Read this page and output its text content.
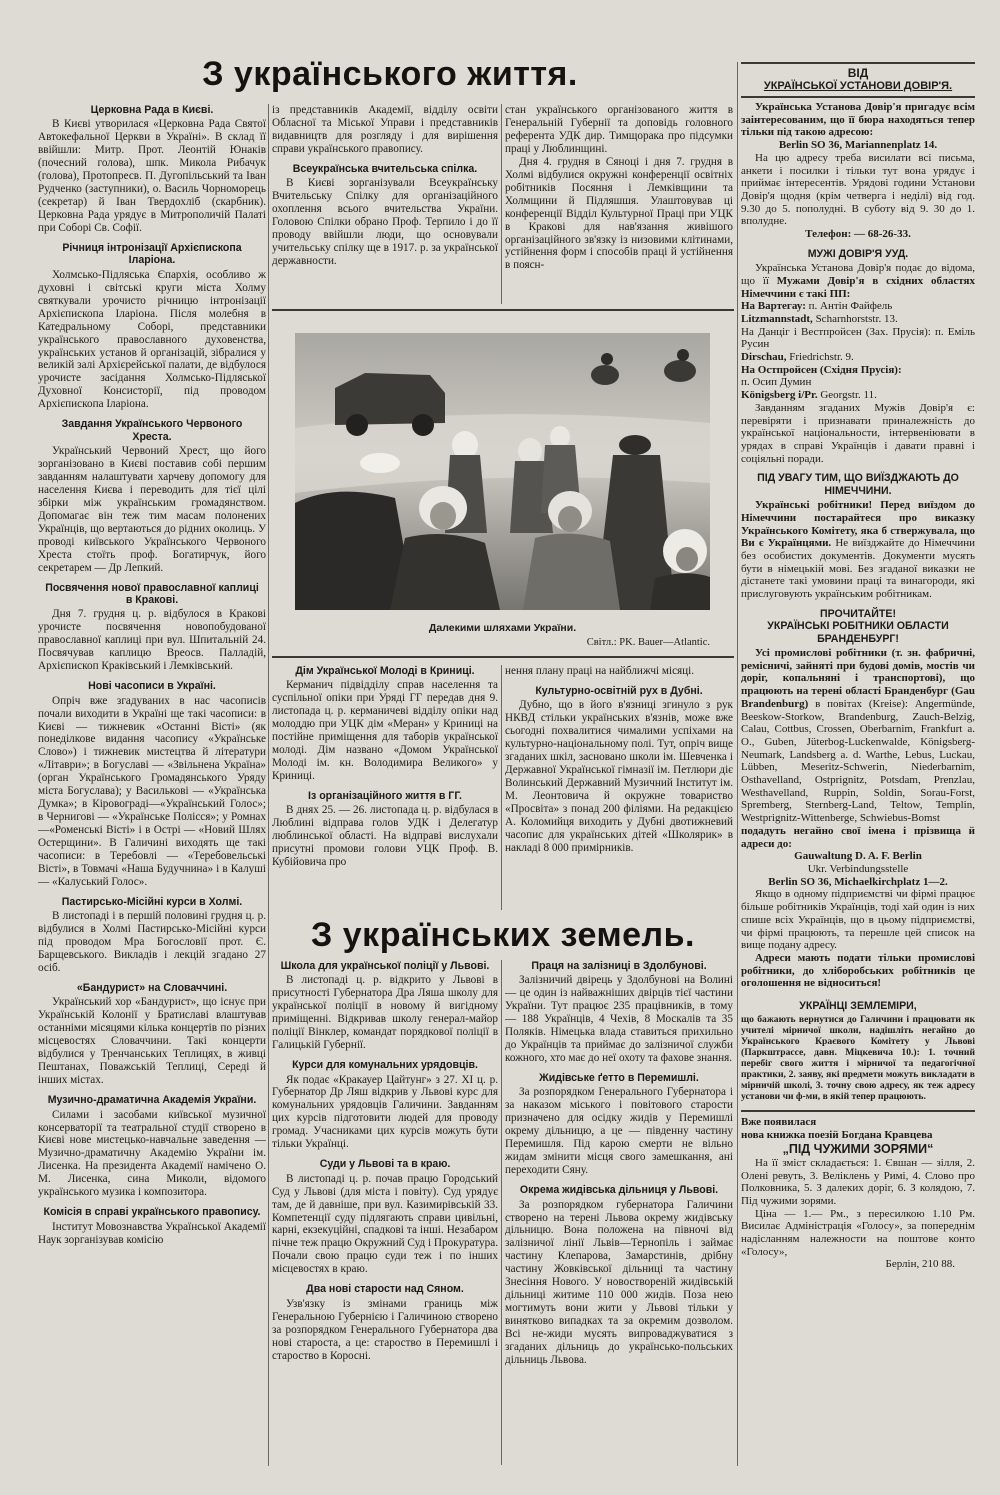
З українського життя.
Церковна Рада в Києві.

В Києві утворилася «Церковна Рада Святої Автокефальної Церкви в Україні». В склад її ввійшли: Митр. Прот. Леонтій Юнаків (почесний голова), шпк. Микола Рибачук (голова), Протопресв. П. Дугопільський та Іван Рудченко (заступники), о. Василь Чорноморець (секретар) й Іван Твердохліб (скарбник). Церковна Рада урядує в Митрополичій Палаті при Соборі Св. Софії.

Річниця інтронізації Архієпископа Іларіона.

Холмсько-Підляська Єпархія, особливо ж духовні і світські круги міста Холму святкували урочисто річницю інтронізації Архієпископа Іларіона. Після молебня в Катедральному Соборі, представники українського православного духовенства, українських установ й організацій, зібралися у великій залі Архієрейської палати, де відбулося урочисте засідання Холмсько-Підляської Духовної Консисторії, під проводом Архієпископа Іларіона.

Завдання Українського Червоного Хреста.

Український Червоний Хрест, що його зорганізовано в Києві поставив собі першим завданням налаштувати харчеву допомогу для населення Києва і переводить для тієї цілі збірки між українським громадянством. Допомагає він теж тим масам полонених Українців, що вертаються до рідних околиць. У проводі київського Українського Червоного Хреста стоїть проф. Богатирчук, його секретарем — Др Лепкий.

Посвячення нової православної каплиці в Кракові.

Дня 7. грудня ц. р. відбулося в Кракові урочисте посвячення новопобудованої православної каплиці при вул. Шпитальній 24. Посвячував каплицю Вреосв. Палладій, Архієпископ Краківський і Лемківський.

Нові часописи в Україні.

Опріч вже згадуваних в нас часописів почали виходити в Україні ще такі часописи: в Києві — тижневик «Останні Вісті» (як понеділкове видання часопису «Українське Слово») і тижневик мистецтва й літератури «Літаври»; в Богуславі — «Звільнена Україна» (орган Українського Громадянського Уряду міста Богуслава); у Василькові — «Українська Думка»; в Кіровограді—«Український Голос»; в Чернигові — «Українське Полісся»; у Ромнах—«Роменські Вісті» і в Острі — «Новий Шлях Остерщини». В Галичині виходять ще такі часописи: в Теребовлі — «Теребовельські Вісті», в Товмачі «Наша Будучнина» і в Калуші — «Калуський Голос».

Пастирсько-Місійні курси в Холмі.

В листопаді і в першій половині грудня ц. р. відбулися в Холмі Пастирсько-Місійні курси під проводом Мра Богословії прот. Є. Барщевського. Викладів і лекцій згадано 27 осіб.

«Бандурист» на Словаччині.

Український хор «Бандурист», що існує при Українській Колонії у Братиславі влаштував останніми місяцями кілька концертів по різних місцевостях Словаччини. Такі концерти відбулися у Тренчанських Теплицях, в живці Пештанах, Поважській Теплиці, Середі й інших містах.

Музично-драматична Академія України.

Силами і засобами київської музичної консерваторії та театральної студії створено в Києві нове мистецько-навчальне заведення — Музично-драматичну Академію України ім. Лисенка. На президента Академії намічено О. М. Лисенка, сина Миколи, відомого українського музика і композитора.

Комісія в справі українського правопису.

Інститут Мовознавства Української Академії Наук зорганізував комісію

із представників Академії, відділу освіти Обласної та Міської Управи і представників видавництв для розгляду і для вирішення справи українського правопису.

Всеукраїнська вчительська спілка.

В Києві зорганізували Всеукраїнську Вчительську Спілку для організаційного охоплення всього вчительства України. Головою Спілки обрано Проф. Терпило і до її проводу ввійшли люди, що основували учительську спілку ще в 1917. р. за української державности.

стан українського організованого життя в Генеральній Губернії та доповідь головного референта УДК дир. Тимщорака про підсумки праці у Люблинщині.

Дня 4. грудня в Сяноці і дня 7. грудня в Холмі відбулися окружні конференції освітніх робітників Посяння і Лемківщини та Холмщини й Підляшшя. Улаштовував ці конференції Відділ Культурної Праці при УЦК в Кракові для нав'язання живішого організаційного зв'язку із низовими клітинами, устійнення форм і способів праці й устійнення в поясн-

Далекими шляхами України.
Світл.: PK. Bauer—Atlantic.
Дім Української Молоді в Криниці.

Керманич підвідділу справ населення та суспільної опіки при Уряді ГГ передав дня 9. листопада ц. р. керманичеві відділу опіки над молоддю при УЦК дім «Меран» у Криниці на постійне приміщення для таборів української молоді. Дім названо «Домом Української Молоді ім. кн. Володимира Великого» у Криниці.

Із організаційного життя в ГГ.

В днях 25. — 26. листопада ц. р. відбулася в Люблині відправа голов УДК і Делегатур люблинської області. На відправі вислухали присутні промови голови УЦК Проф. В. Кубійовича про

нення плану праці на найближчі місяці.

Культурно-освітній рух в Дубні.

Дубно, що в його в'язниці згинуло з рук НКВД стільки українських в'язнів, може вже сьогодні похвалитися чималими успіхами на культурно-національному полі. Тут, опріч вище згаданих шкіл, засновано школи ім. Шевченка і Державної Української гімназії ім. Петлюри діє Волинський Державний Музичний Інститут ім. М. Леонтовича й окружне товариство «Просвіта» з понад 200 філіями. На редакцією А. Коломийця виходить у Дубні двотижневий часопис для українських дітей «Школярик» в накладі 8 000 примірників.

З українських земель.
Школа для української поліції у Львові.

В листопаді ц. р. відкрито у Львові в присутності Губернатора Дра Ляша школу для української поліції в новому й вигідному приміщенні. Відкривав школу генерал-майор поліції Вінклер, командат порядкової поліції в Галицькій Губернії.

Курси для комунальних урядовців.

Як подає «Кракауер Цайтунг» з 27. XI ц. р. Губернатор Др Ляш відкрив у Львові курс для комунальних урядовців Галичини. Завданням цих курсів підготовити людей для проводу громад. Учасниками цих курсів можуть бути тільки Українці.

Суди у Львові та в краю.

В листопаді ц. р. почав працю Городський Суд у Львові (для міста і повіту). Суд урядує там, де й давніше, при вул. Казимирівській 33. Компетенції суду підлягають справи цивільні, карні, екзекуційні, спадкові та інші. Незабаром пічне теж працю Окружний Суд і Прокуратура. Почали свою працю суди теж і по інших місцевостях в краю.

Два нові старости над Сяном.

Узв'язку із змінами границь між Генеральною Губернією і Галичиною створено за розпорядком Генерального Губернатора два нові староста, а це: староство в Перемишлі і староство в Коросні.

Праця на залізниці в Здолбунові.

Залізничий двірець у Здолбунові на Волині — це один із найважніших двірців тієї частини України. Тут працює 235 працівників, в тому — 188 Українців, 4 Чехів, 8 Москалів та 35 Поляків. Німецька влада ставиться прихильно до Українців та приймає до залізничої служби кожного, хто має до неї охоту та фахове знання.

Жидівське ґетто в Перемишлі.

За розпорядком Генерального Губернатора і за наказом міського і повітового старости призначено для осідку жидів у Перемишлі окрему дільницю, а це — південну частину Перемишля. Під карою смерти не вільно жидам змінити місця свого замешкання, ані переходити Сяну.

Окрема жидівська дільниця у Львові.

За розпорядком губернатора Галичини створено на терені Львова окрему жидівську дільницю. Вона положена на півночі від залізничої лінії Львів—Тернопіль і займає частину Клепарова, Замарстинів, дрібну частину Жовківської дільниці та частину Знесіння Нового. У новоствореній жидівській дільниці житиме 110 000 жидів. Поза нею могтимуть вони жити у Львові тільки у винятково випадках та за окремим дозволом. Всі не-жиди мусять випроваджуватися з згаданих дільниць до українсько-польських дільниць Львова.

ВІД
УКРАЇНСЬКОЇ УСТАНОВИ ДОВІР'Я.

Українська Установа Довір'я пригадує всім заінтересованим, що її бюра находяться тепер тільки під такою адресою:

Berlin SO 36, Mariannenplatz 14.

На цю адресу треба висилати всі письма, анкети і посилки і тільки тут вона урядує і приймає інтересентів. Урядові години Установи Довір'я щодня (крім четверга і неділі) від год. 9.30 до 5. пополудні. В суботу від 9. 30 до 1. вполудне.

Телефон: — 68-26-33.

МУЖІ ДОВІР'Я УУД.

Українська Установа Довір'я подає до відома, що її Мужами Довір'я в східних областях Німеччини є такі ПП:

На Вартегау: п. Антін Файфель

Litzmannstadt, Scharnhorststr. 13.

На Данціг і Вестпройсен (Зах. Прусія): п. Еміль Русин

Dirschau, Friedrichstr. 9.

На Остпройсен (Східня Прусія):

п. Осип Думин

Königsberg i/Pr. Georgstr. 11.

Завданням згаданих Мужів Довір'я є: перевіряти і признавати приналежність до української національности, інтервеніювати в урядах в справі Українців і давати правні і соціяльні поради.

ПІД УВАГУ ТИМ, ЩО ВИЇЗДЖАЮТЬ ДО НІМЕЧЧИНИ.

Українські робітники! Перед виїздом до Німеччини постарайтеся про виказку Українського Комітету, яка б ствержувала, що Ви є Українцями. Не виїзджайте до Німеччини без особистих документів. Документи мусять бути в німецькій мові. Без згаданої виказки не дістанете такі умовини праці та винагороди, які прислуговують українським робітникам.

ПРОЧИТАЙТЕ!
УКРАЇНСЬКІ РОБІТНИКИ ОБЛАСТИ БРАНДЕНБУРГ!

Усі промислові робітники (т. зн. фабричні, ремісничі, зайняті при будові домів, мостів чи доріг, копальняні і транспортові), що працюють на терені області Бранденбург (Gau Brandenburg) в повітах (Kreise): Angermünde, Beeskow-Storkow, Brandenburg, Zauch-Belzig, Calau, Cottbus, Crossen, Oberbarnim, Frankfurt a. O., Guben, Jüterbog-Luckenwalde, Königsberg-Neumark, Landsberg a. d. Warthe, Lebus, Luckau, Lübben, Meseritz-Schwerin, Niederbarnim, Osthavelland, Ostprignitz, Potsdam, Prenzlau, Westhavelland, Ruppin, Soldin, Sorau-Forst, Spremberg, Sternberg-Land, Teltow, Templin, Westprignitz-Wittenberge, Schwiebus-Bomst

подадуть негайно свої імена і прізвища й адреси до:

Gauwaltung D. A. F. Berlin

Ukr. Verbindungsstelle

Berlin SO 36, Michaelkirchplatz 1—2.

Якщо в одному підприємстві чи фірмі працює більше робітників Українців, тоді хай один із них спише всіх Українців, що в цьому підприємстві, чи фірмі працюють, та перешле цей список на вище подану адресу.

Адреси мають подати тільки промислові робітники, до хліборобських робітників це оголошення не відноситься!

УКРАЇНЦІ ЗЕМЛЕМІРИ,

що бажають вернутися до Галичини і працювати як учителі мірничої школи, надішліть негайно до Українського Краєвого Комітету у Львові (Паркштрассе, давн. Міцкевича 10.): 1. точний перебіг свого життя і мірничої та педагогічної практики, 2. заяву, які предмети можуть викладати в мірничій школі, 3. точну свою адресу, як теж адресу установи чи ф-ми, в якій тепер працюють.

Вже появилася

нова книжка поезій Богдана Кравцева

„ПІД ЧУЖИМИ ЗОРЯМИ“

На її зміст складається: 1. Євшан — зілля, 2. Олені ревуть, 3. Веліклень у Римі, 4. Слово про Полковника, 5. З далеких доріг, 6. З колядою, 7. Під чужими зорями.

Ціна — 1.— Рм., з пересилкою 1.10 Рм. Висилає Адміністрація «Голосу», за попереднім надісланням належности на поштове конто «Голосу»,

Берлін, 210 88.
